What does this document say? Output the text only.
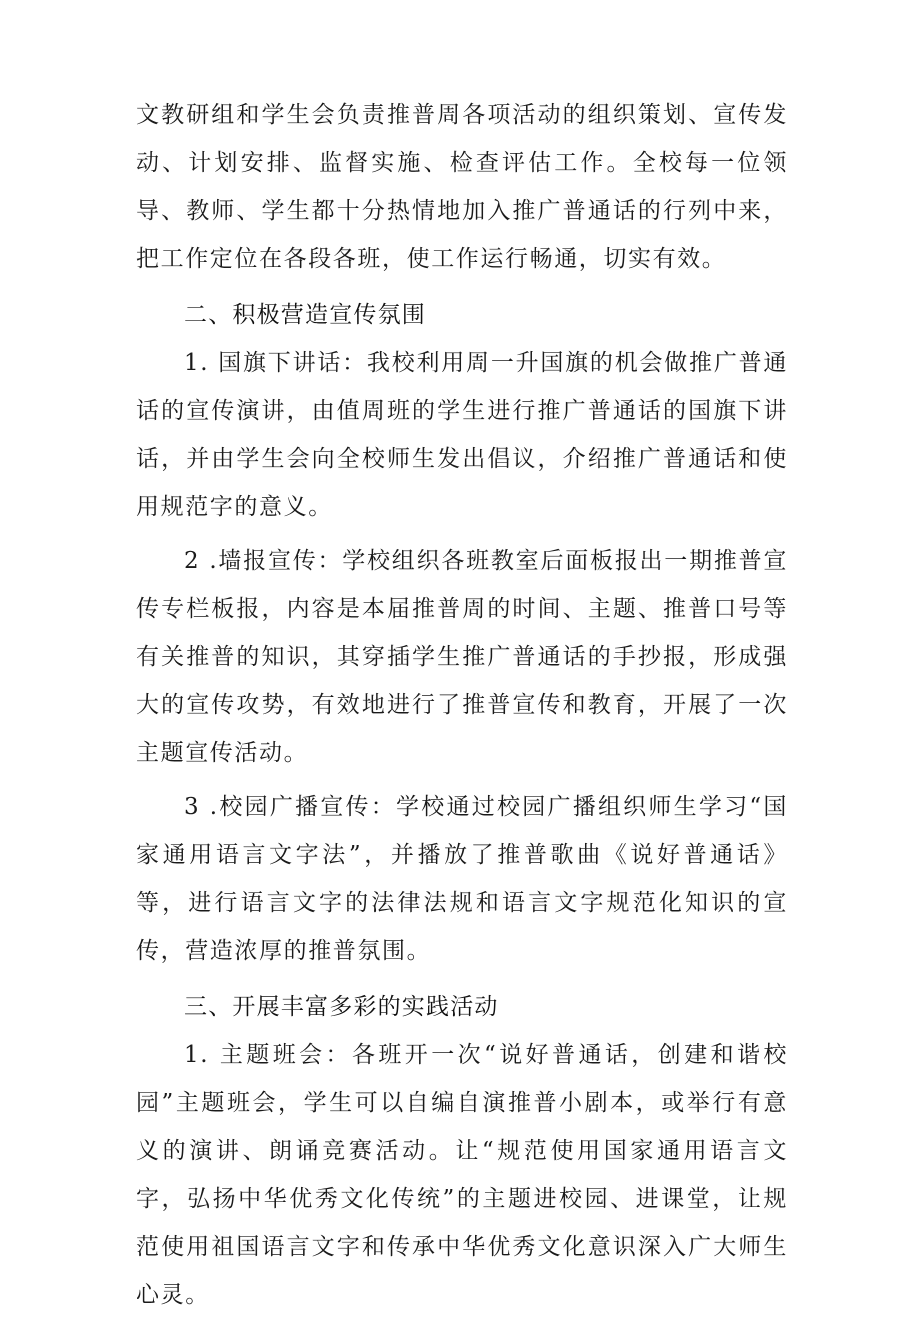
文教研组和学生会负责推普周各项活动的组织策划、宣传发动、计划安排、监督实施、检查评估工作。全校每一位领导、教师、学生都十分热情地加入推广普通话的行列中来，把工作定位在各段各班，使工作运行畅通，切实有效。

二、积极营造宣传氛围

1. 国旗下讲话：我校利用周一升国旗的机会做推广普通话的宣传演讲，由值周班的学生进行推广普通话的国旗下讲话，并由学生会向全校师生发出倡议，介绍推广普通话和使用规范字的意义。

2 .墙报宣传：学校组织各班教室后面板报出一期推普宣传专栏板报，内容是本届推普周的时间、主题、推普口号等有关推普的知识，其穿插学生推广普通话的手抄报，形成强大的宣传攻势，有效地进行了推普宣传和教育，开展了一次主题宣传活动。

3 .校园广播宣传：学校通过校园广播组织师生学习“国家通用语言文字法”，并播放了推普歌曲《说好普通话》等，进行语言文字的法律法规和语言文字规范化知识的宣传，营造浓厚的推普氛围。

三、开展丰富多彩的实践活动

1. 主题班会：各班开一次“说好普通话，创建和谐校园”主题班会，学生可以自编自演推普小剧本，或举行有意义的演讲、朗诵竞赛活动。让“规范使用国家通用语言文字，弘扬中华优秀文化传统”的主题进校园、进课堂，让规范使用祖国语言文字和传承中华优秀文化意识深入广大师生心灵。
